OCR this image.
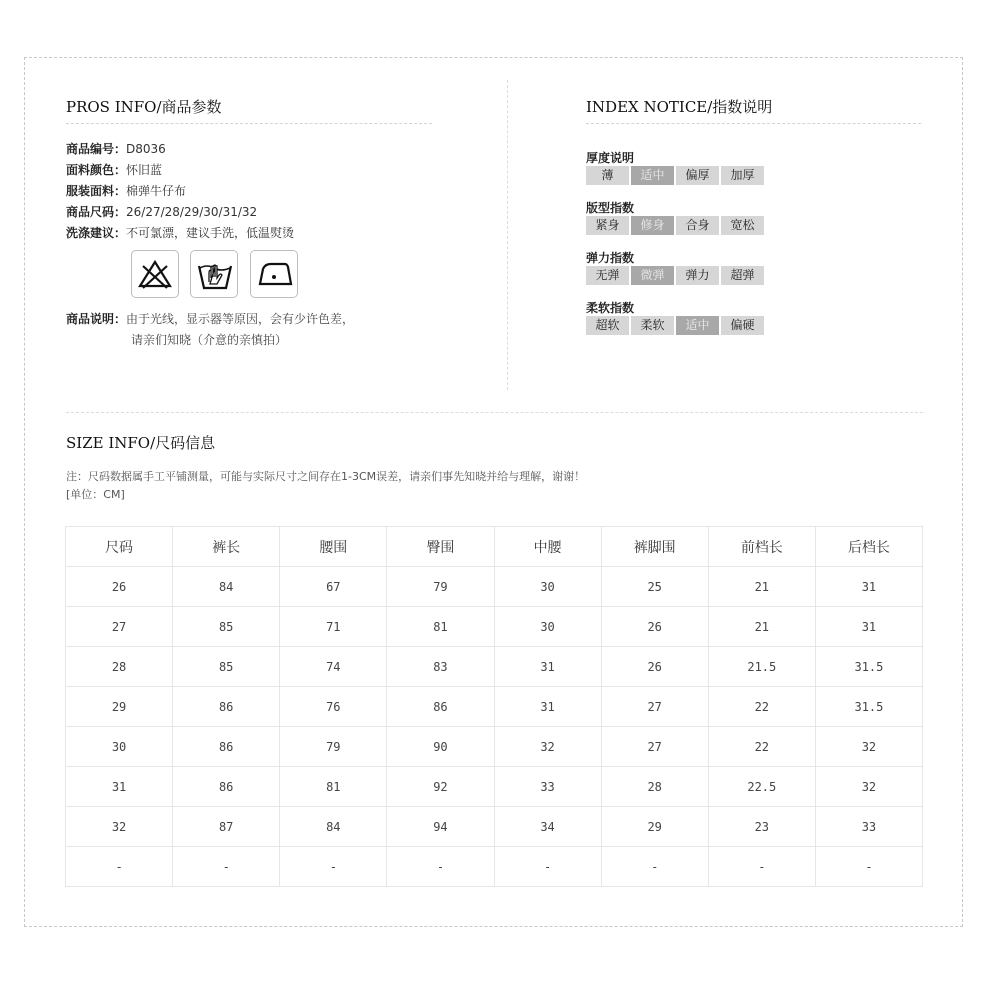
PROS INFO/商品参数
商品编号：D8036
面料颜色：怀旧蓝
服装面料：棉弹牛仔布
商品尺码：26/27/28/29/30/31/32
洗涤建议：不可氯漂，建议手洗，低温熨烫
商品说明：由于光线，显示器等原因，会有少许色差，
请亲们知晓（介意的亲慎拍）
INDEX NOTICE/指数说明
厚度说明
薄	适中	偏厚	加厚
版型指数
紧身	修身	合身	宽松
弹力指数
无弹	微弹	弹力	超弹
柔软指数
超软	柔软	适中	偏硬
SIZE INFO/尺码信息
注：尺码数据属手工平铺测量，可能与实际尺寸之间存在1-3CM误差，请亲们事先知晓并给与理解，谢谢！
[单位：CM]
尺码	裤长	腰围	臀围	中腰	裤脚围	前档长	后档长
26	84	67	79	30	25	21	31
27	85	71	81	30	26	21	31
28	85	74	83	31	26	21.5	31.5
29	86	76	86	31	27	22	31.5
30	86	79	90	32	27	22	32
31	86	81	92	33	28	22.5	32
32	87	84	94	34	29	23	33
-	-	-	-	-	-	-	-
